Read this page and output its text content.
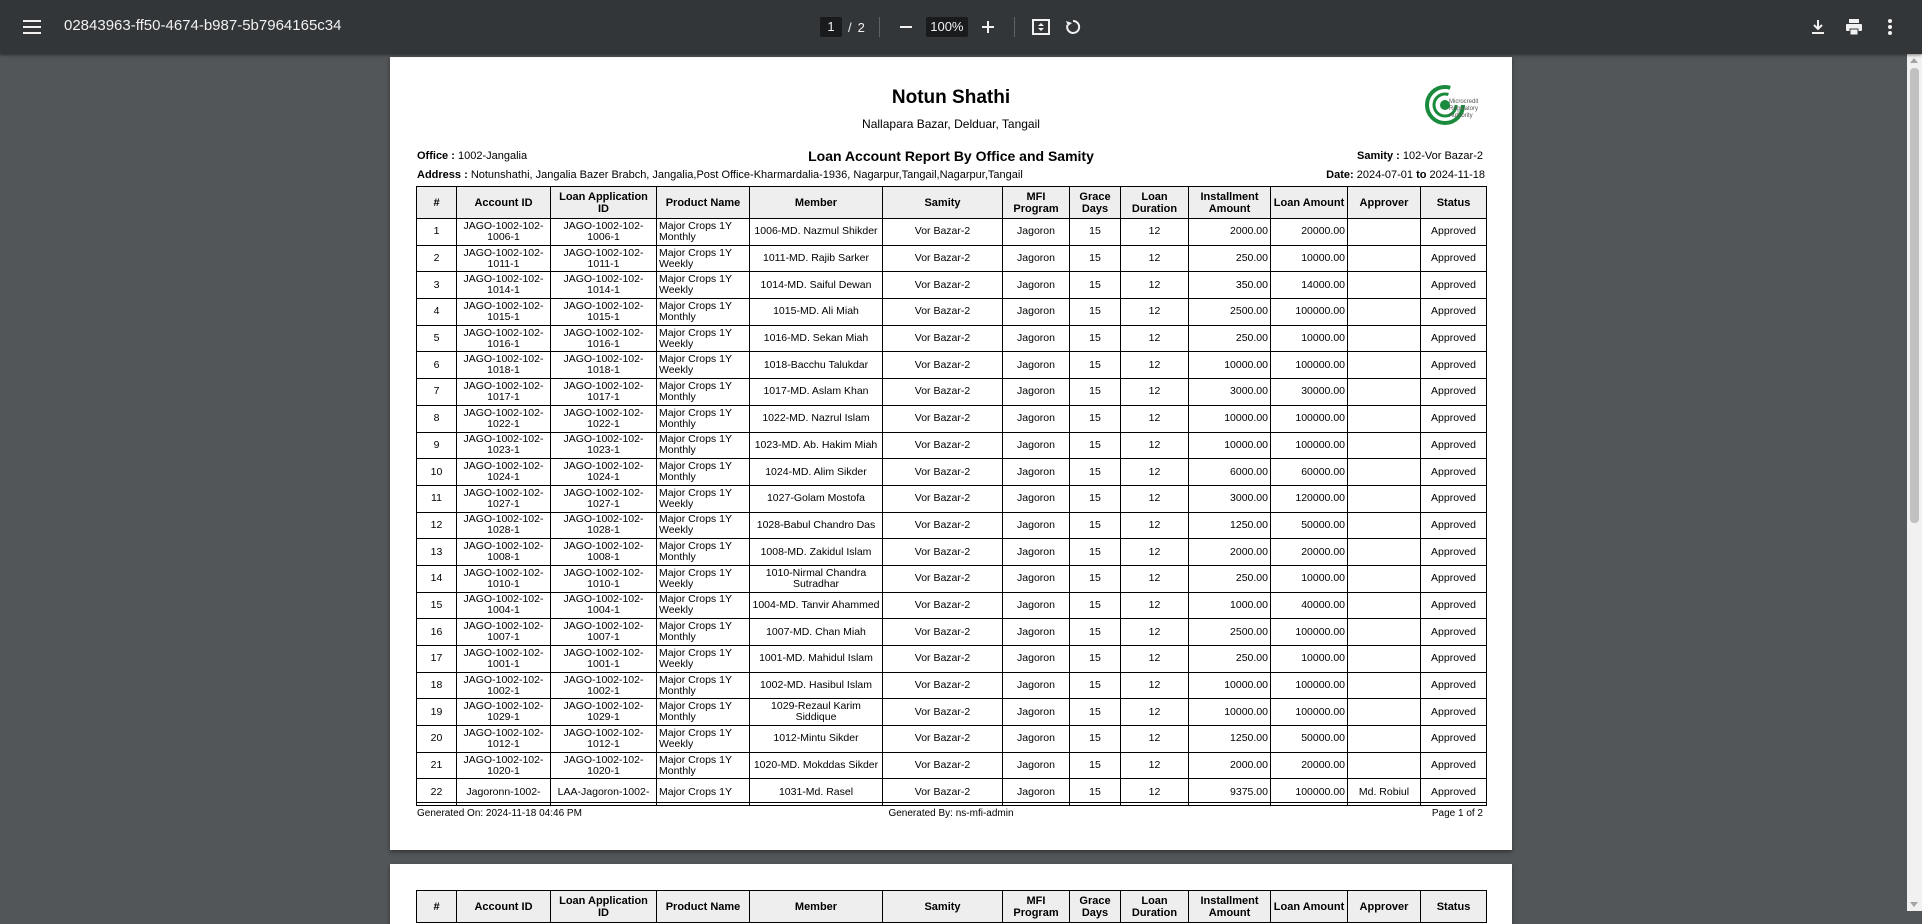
02843963-ff50-4674-b987-5b7964165c34	1	/ 2	100%
Notun Shathi
Nallapara Bazar, Delduar, Tangail
Microcredit
Regulatory
Authority
Office : 1002-Jangalia	Loan Account Report By Office and Samity	Samity : 102-Vor Bazar-2
Address : Notunshathi, Jangalia Bazer Brabch, Jangalia,Post Office-Kharmardalia-1936, Nagarpur,Tangail,Nagarpur,Tangail	Date: 2024-07-01 to 2024-11-18
#	Account ID	Loan Application ID	Product Name	Member	Samity	MFI Program	Grace Days	Loan Duration	Installment Amount	Loan Amount	Approver	Status
1	JAGO-1002-102-1006-1	JAGO-1002-102-1006-1	Major Crops 1Y Monthly	1006-MD. Nazmul Shikder	Vor Bazar-2	Jagoron	15	12	2000.00	20000.00		Approved
2	JAGO-1002-102-1011-1	JAGO-1002-102-1011-1	Major Crops 1Y Weekly	1011-MD. Rajib Sarker	Vor Bazar-2	Jagoron	15	12	250.00	10000.00		Approved
3	JAGO-1002-102-1014-1	JAGO-1002-102-1014-1	Major Crops 1Y Weekly	1014-MD. Saiful Dewan	Vor Bazar-2	Jagoron	15	12	350.00	14000.00		Approved
4	JAGO-1002-102-1015-1	JAGO-1002-102-1015-1	Major Crops 1Y Monthly	1015-MD. Ali Miah	Vor Bazar-2	Jagoron	15	12	2500.00	100000.00		Approved
5	JAGO-1002-102-1016-1	JAGO-1002-102-1016-1	Major Crops 1Y Weekly	1016-MD. Sekan Miah	Vor Bazar-2	Jagoron	15	12	250.00	10000.00		Approved
6	JAGO-1002-102-1018-1	JAGO-1002-102-1018-1	Major Crops 1Y Weekly	1018-Bacchu Talukdar	Vor Bazar-2	Jagoron	15	12	10000.00	100000.00		Approved
7	JAGO-1002-102-1017-1	JAGO-1002-102-1017-1	Major Crops 1Y Monthly	1017-MD. Aslam Khan	Vor Bazar-2	Jagoron	15	12	3000.00	30000.00		Approved
8	JAGO-1002-102-1022-1	JAGO-1002-102-1022-1	Major Crops 1Y Monthly	1022-MD. Nazrul Islam	Vor Bazar-2	Jagoron	15	12	10000.00	100000.00		Approved
9	JAGO-1002-102-1023-1	JAGO-1002-102-1023-1	Major Crops 1Y Monthly	1023-MD. Ab. Hakim Miah	Vor Bazar-2	Jagoron	15	12	10000.00	100000.00		Approved
10	JAGO-1002-102-1024-1	JAGO-1002-102-1024-1	Major Crops 1Y Monthly	1024-MD. Alim Sikder	Vor Bazar-2	Jagoron	15	12	6000.00	60000.00		Approved
11	JAGO-1002-102-1027-1	JAGO-1002-102-1027-1	Major Crops 1Y Weekly	1027-Golam Mostofa	Vor Bazar-2	Jagoron	15	12	3000.00	120000.00		Approved
12	JAGO-1002-102-1028-1	JAGO-1002-102-1028-1	Major Crops 1Y Weekly	1028-Babul Chandro Das	Vor Bazar-2	Jagoron	15	12	1250.00	50000.00		Approved
13	JAGO-1002-102-1008-1	JAGO-1002-102-1008-1	Major Crops 1Y Monthly	1008-MD. Zakidul Islam	Vor Bazar-2	Jagoron	15	12	2000.00	20000.00		Approved
14	JAGO-1002-102-1010-1	JAGO-1002-102-1010-1	Major Crops 1Y Weekly	1010-Nirmal Chandra Sutradhar	Vor Bazar-2	Jagoron	15	12	250.00	10000.00		Approved
15	JAGO-1002-102-1004-1	JAGO-1002-102-1004-1	Major Crops 1Y Weekly	1004-MD. Tanvir Ahammed	Vor Bazar-2	Jagoron	15	12	1000.00	40000.00		Approved
16	JAGO-1002-102-1007-1	JAGO-1002-102-1007-1	Major Crops 1Y Monthly	1007-MD. Chan Miah	Vor Bazar-2	Jagoron	15	12	2500.00	100000.00		Approved
17	JAGO-1002-102-1001-1	JAGO-1002-102-1001-1	Major Crops 1Y Weekly	1001-MD. Mahidul Islam	Vor Bazar-2	Jagoron	15	12	250.00	10000.00		Approved
18	JAGO-1002-102-1002-1	JAGO-1002-102-1002-1	Major Crops 1Y Monthly	1002-MD. Hasibul Islam	Vor Bazar-2	Jagoron	15	12	10000.00	100000.00		Approved
19	JAGO-1002-102-1029-1	JAGO-1002-102-1029-1	Major Crops 1Y Monthly	1029-Rezaul Karim Siddique	Vor Bazar-2	Jagoron	15	12	10000.00	100000.00		Approved
20	JAGO-1002-102-1012-1	JAGO-1002-102-1012-1	Major Crops 1Y Weekly	1012-Mintu Sikder	Vor Bazar-2	Jagoron	15	12	1250.00	50000.00		Approved
21	JAGO-1002-102-1020-1	JAGO-1002-102-1020-1	Major Crops 1Y Monthly	1020-MD. Mokddas Sikder	Vor Bazar-2	Jagoron	15	12	2000.00	20000.00		Approved
22	Jagoronn-1002-	LAA-Jagoron-1002-	Major Crops 1Y	1031-Md. Rasel	Vor Bazar-2	Jagoron	15	12	9375.00	100000.00	Md. Robiul	Approved
Generated On: 2024-11-18 04:46 PM	Generated By: ns-mfi-admin	Page 1 of 2
#	Account ID	Loan Application ID	Product Name	Member	Samity	MFI Program	Grace Days	Loan Duration	Installment Amount	Loan Amount	Approver	Status
